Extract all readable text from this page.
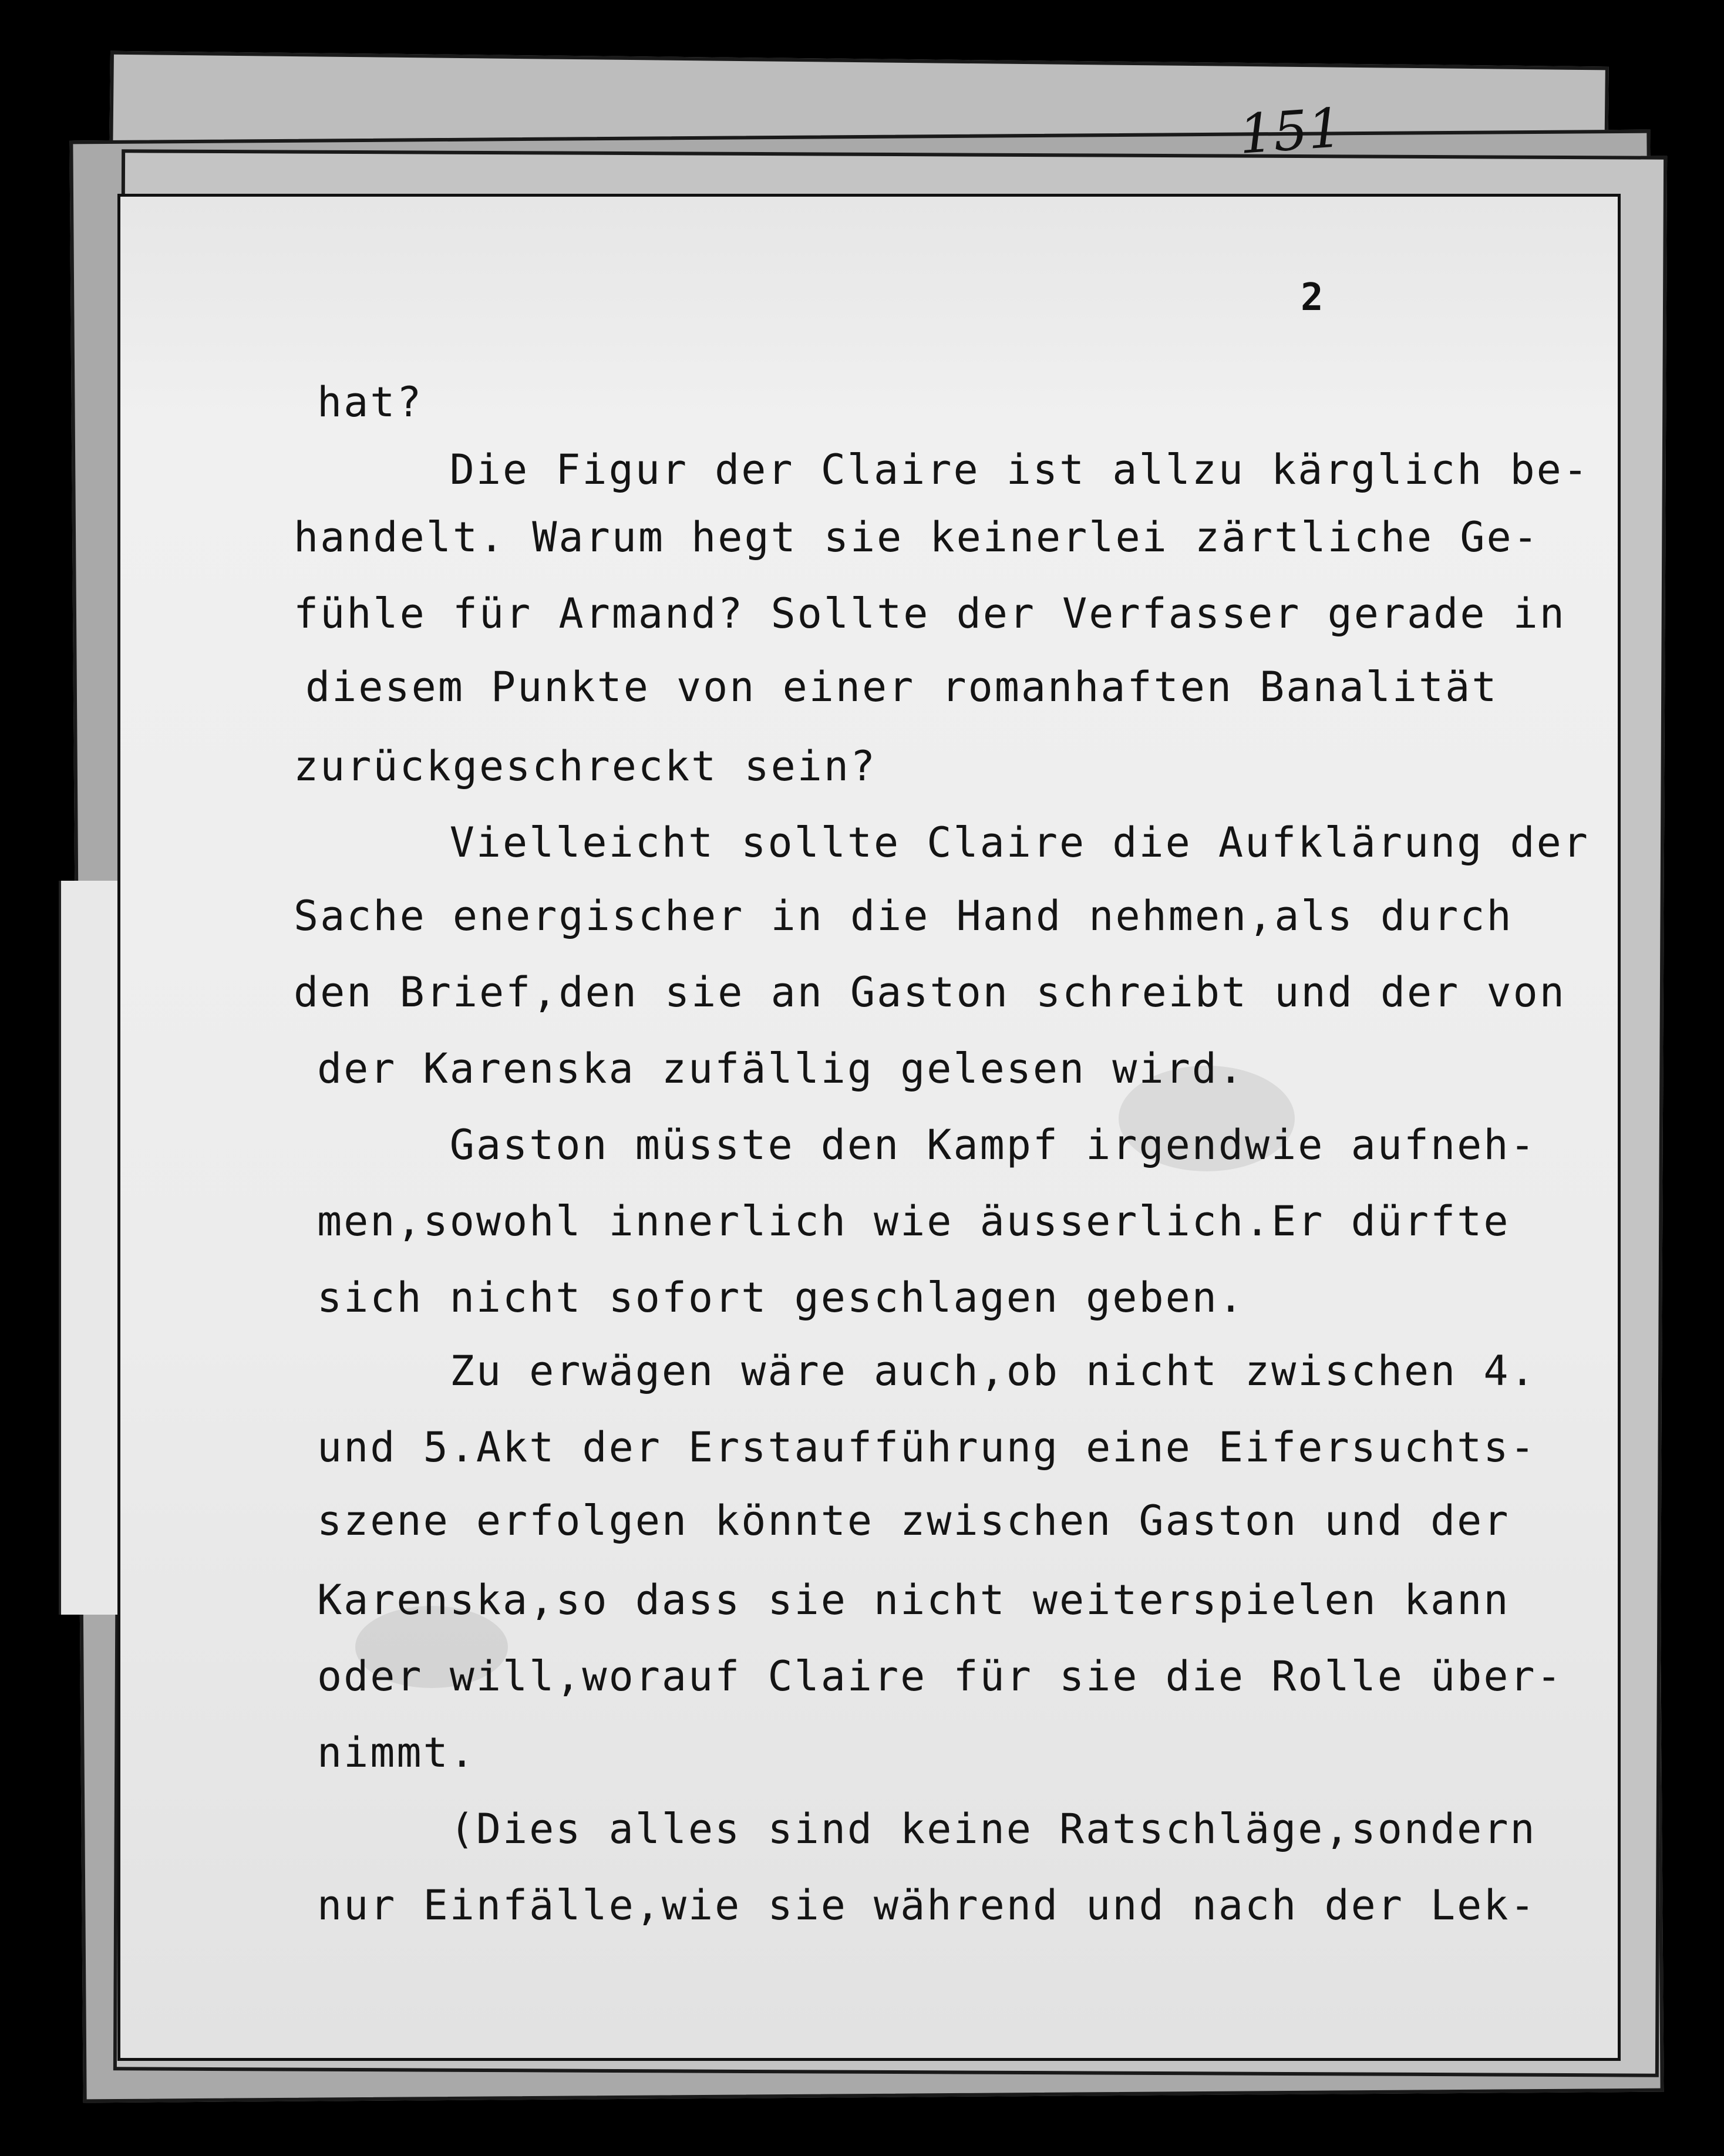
151
2
hat?
Die Figur der Claire ist allzu kärglich be-
handelt. Warum hegt sie keinerlei zärtliche Ge-
fühle für Armand? Sollte der Verfasser gerade in
diesem Punkte von einer romanhaften Banalität
zurückgeschreckt sein?
Vielleicht sollte Claire die Aufklärung der
Sache energischer in die Hand nehmen,als durch
den Brief,den sie an Gaston schreibt und der von
der Karenska zufällig gelesen wird.
Gaston müsste den Kampf irgendwie aufneh-
men,sowohl innerlich wie äusserlich.Er dürfte
sich nicht sofort geschlagen geben.
Zu erwägen wäre auch,ob nicht zwischen 4.
und 5.Akt der Erstaufführung eine Eifersuchts-
szene erfolgen könnte zwischen Gaston und der
Karenska,so dass sie nicht weiterspielen kann
oder will,worauf Claire für sie die Rolle über-
nimmt.
(Dies alles sind keine Ratschläge,sondern
nur Einfälle,wie sie während und nach der Lek-
